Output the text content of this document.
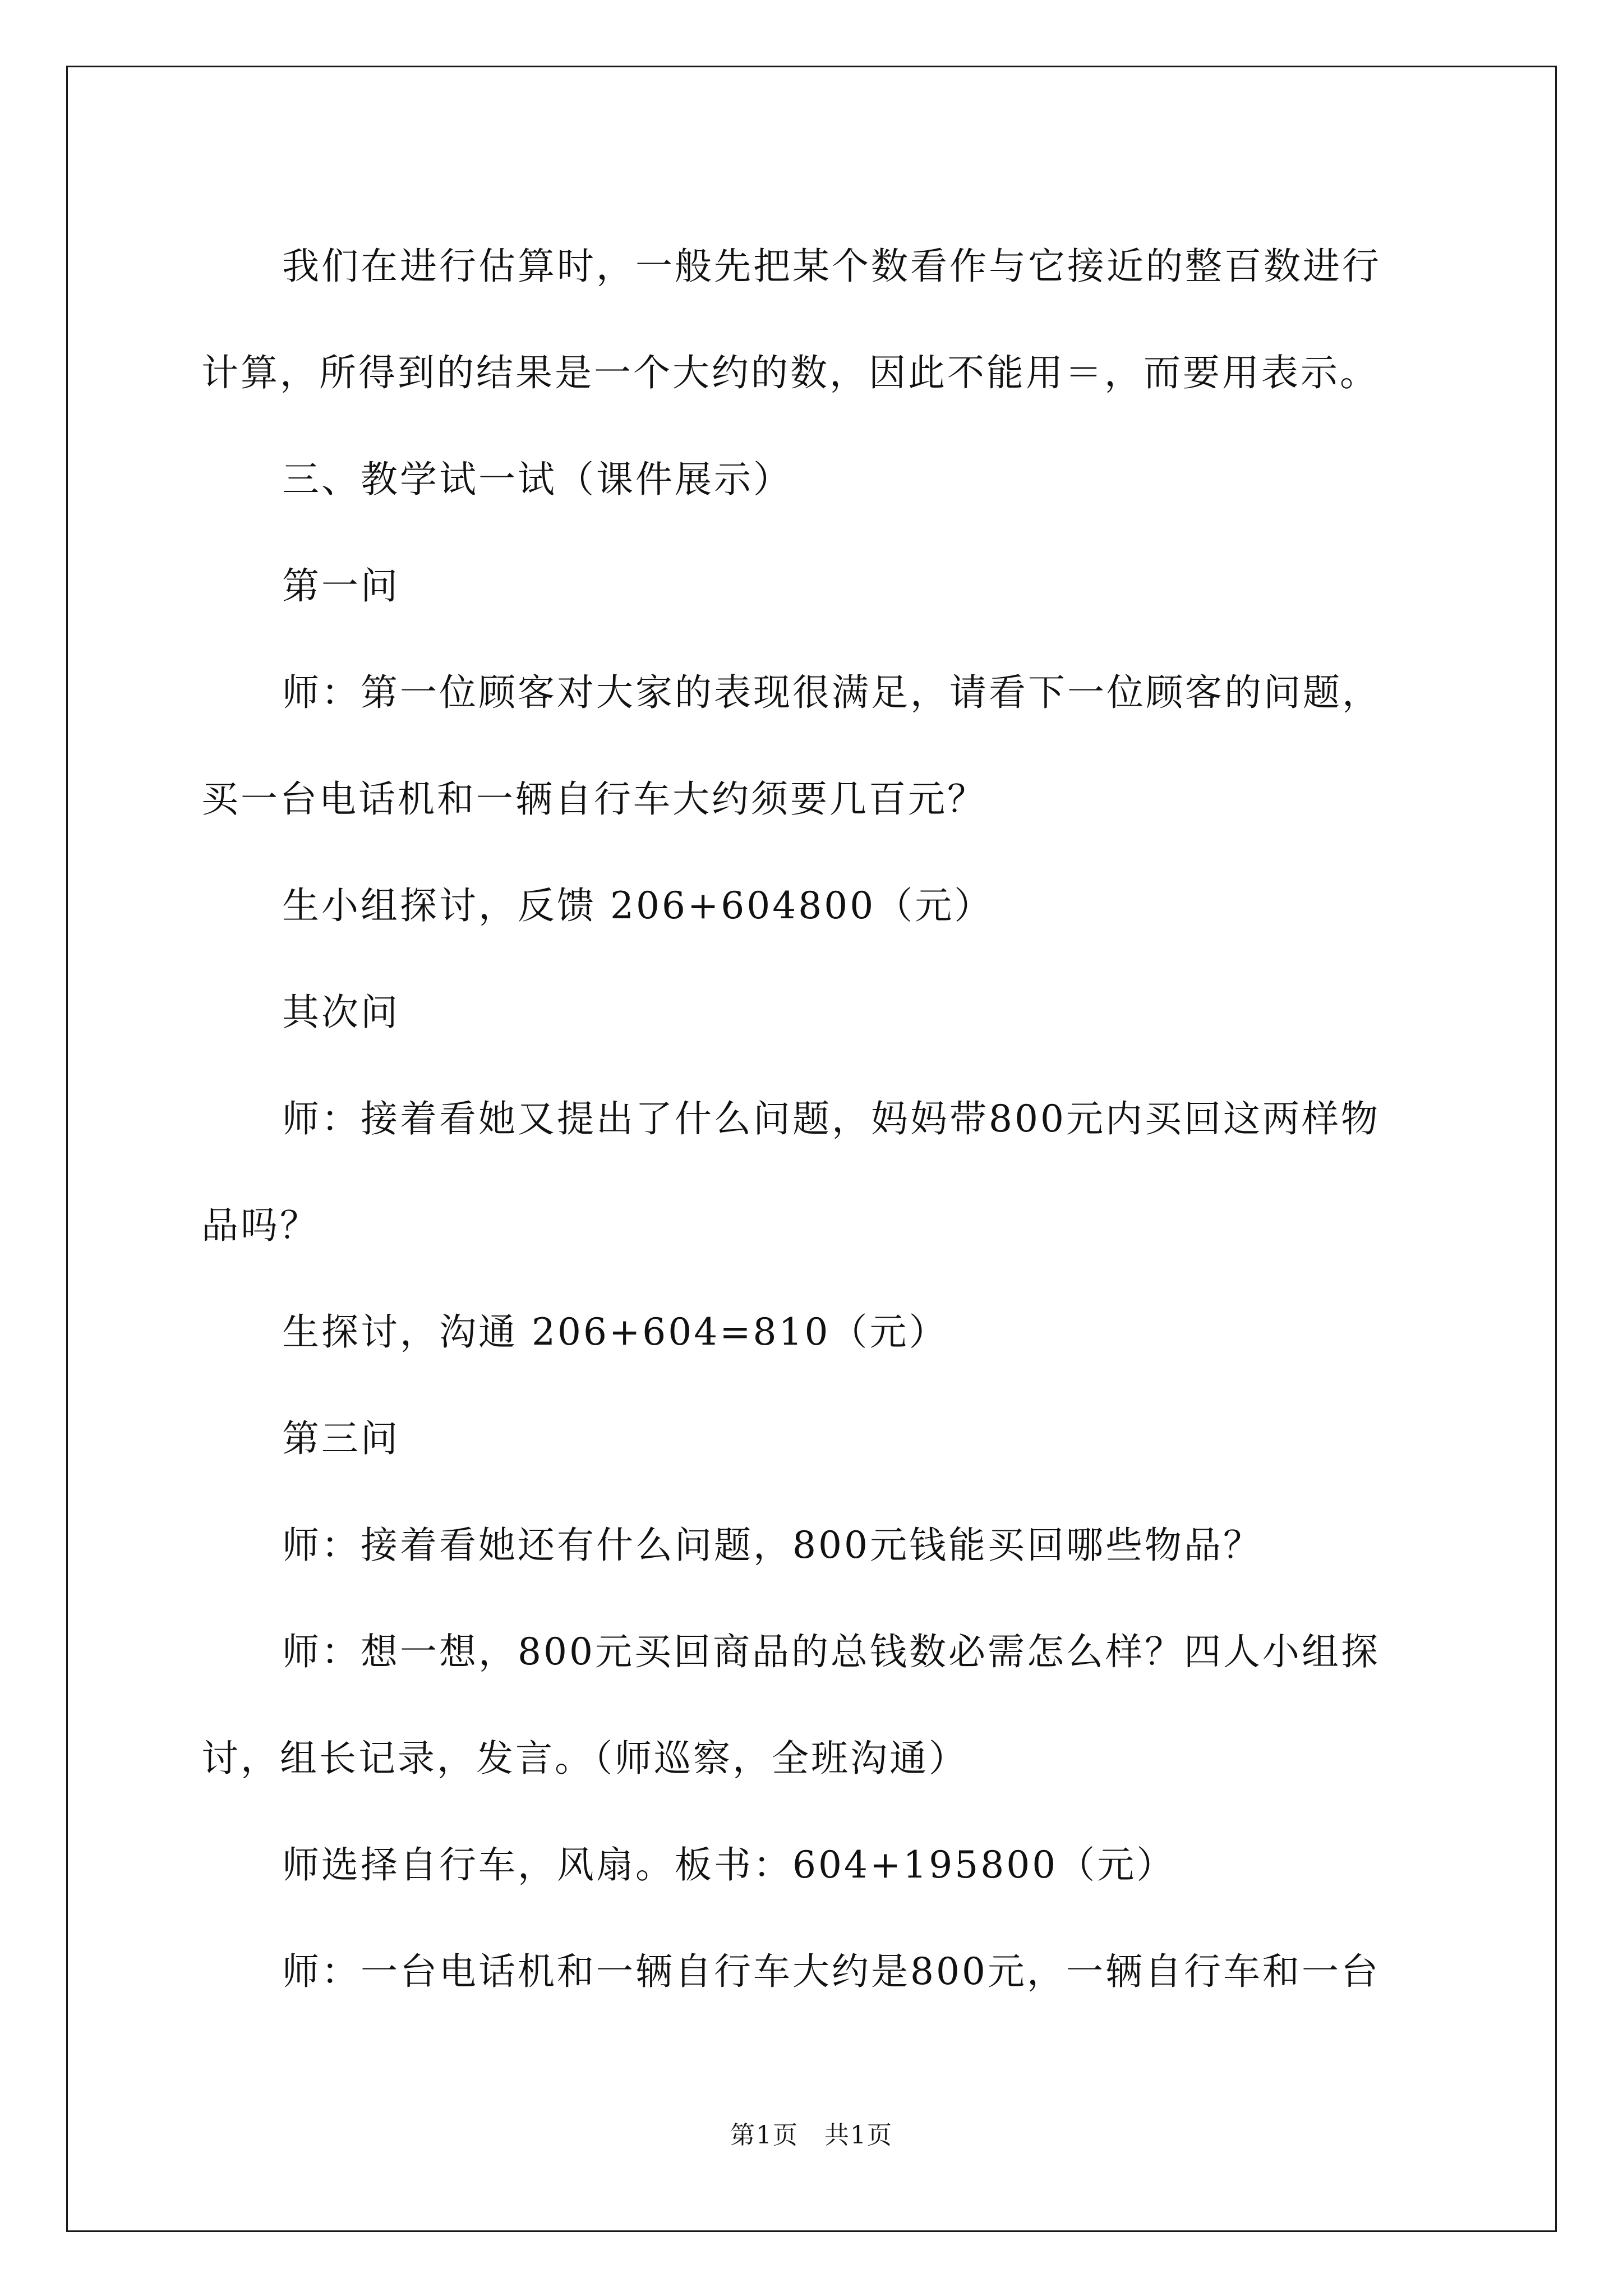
我们在进行估算时，一般先把某个数看作与它接近的整百数进行
计算，所得到的结果是一个大约的数，因此不能用＝，而要用表示。
三、教学试一试（课件展示）
第一问
师：第一位顾客对大家的表现很满足，请看下一位顾客的问题，
买一台电话机和一辆自行车大约须要几百元？
生小组探讨，反馈 206+604800（元）
其次问
师：接着看她又提出了什么问题，妈妈带800元内买回这两样物
品吗？
生探讨，沟通 206+604=810（元）
第三问
师：接着看她还有什么问题，800元钱能买回哪些物品？
师：想一想，800元买回商品的总钱数必需怎么样？四人小组探
讨，组长记录，发言。（师巡察，全班沟通）
师选择自行车，风扇。板书：604+195800（元）
师：一台电话机和一辆自行车大约是800元，一辆自行车和一台
第1页　共1页
